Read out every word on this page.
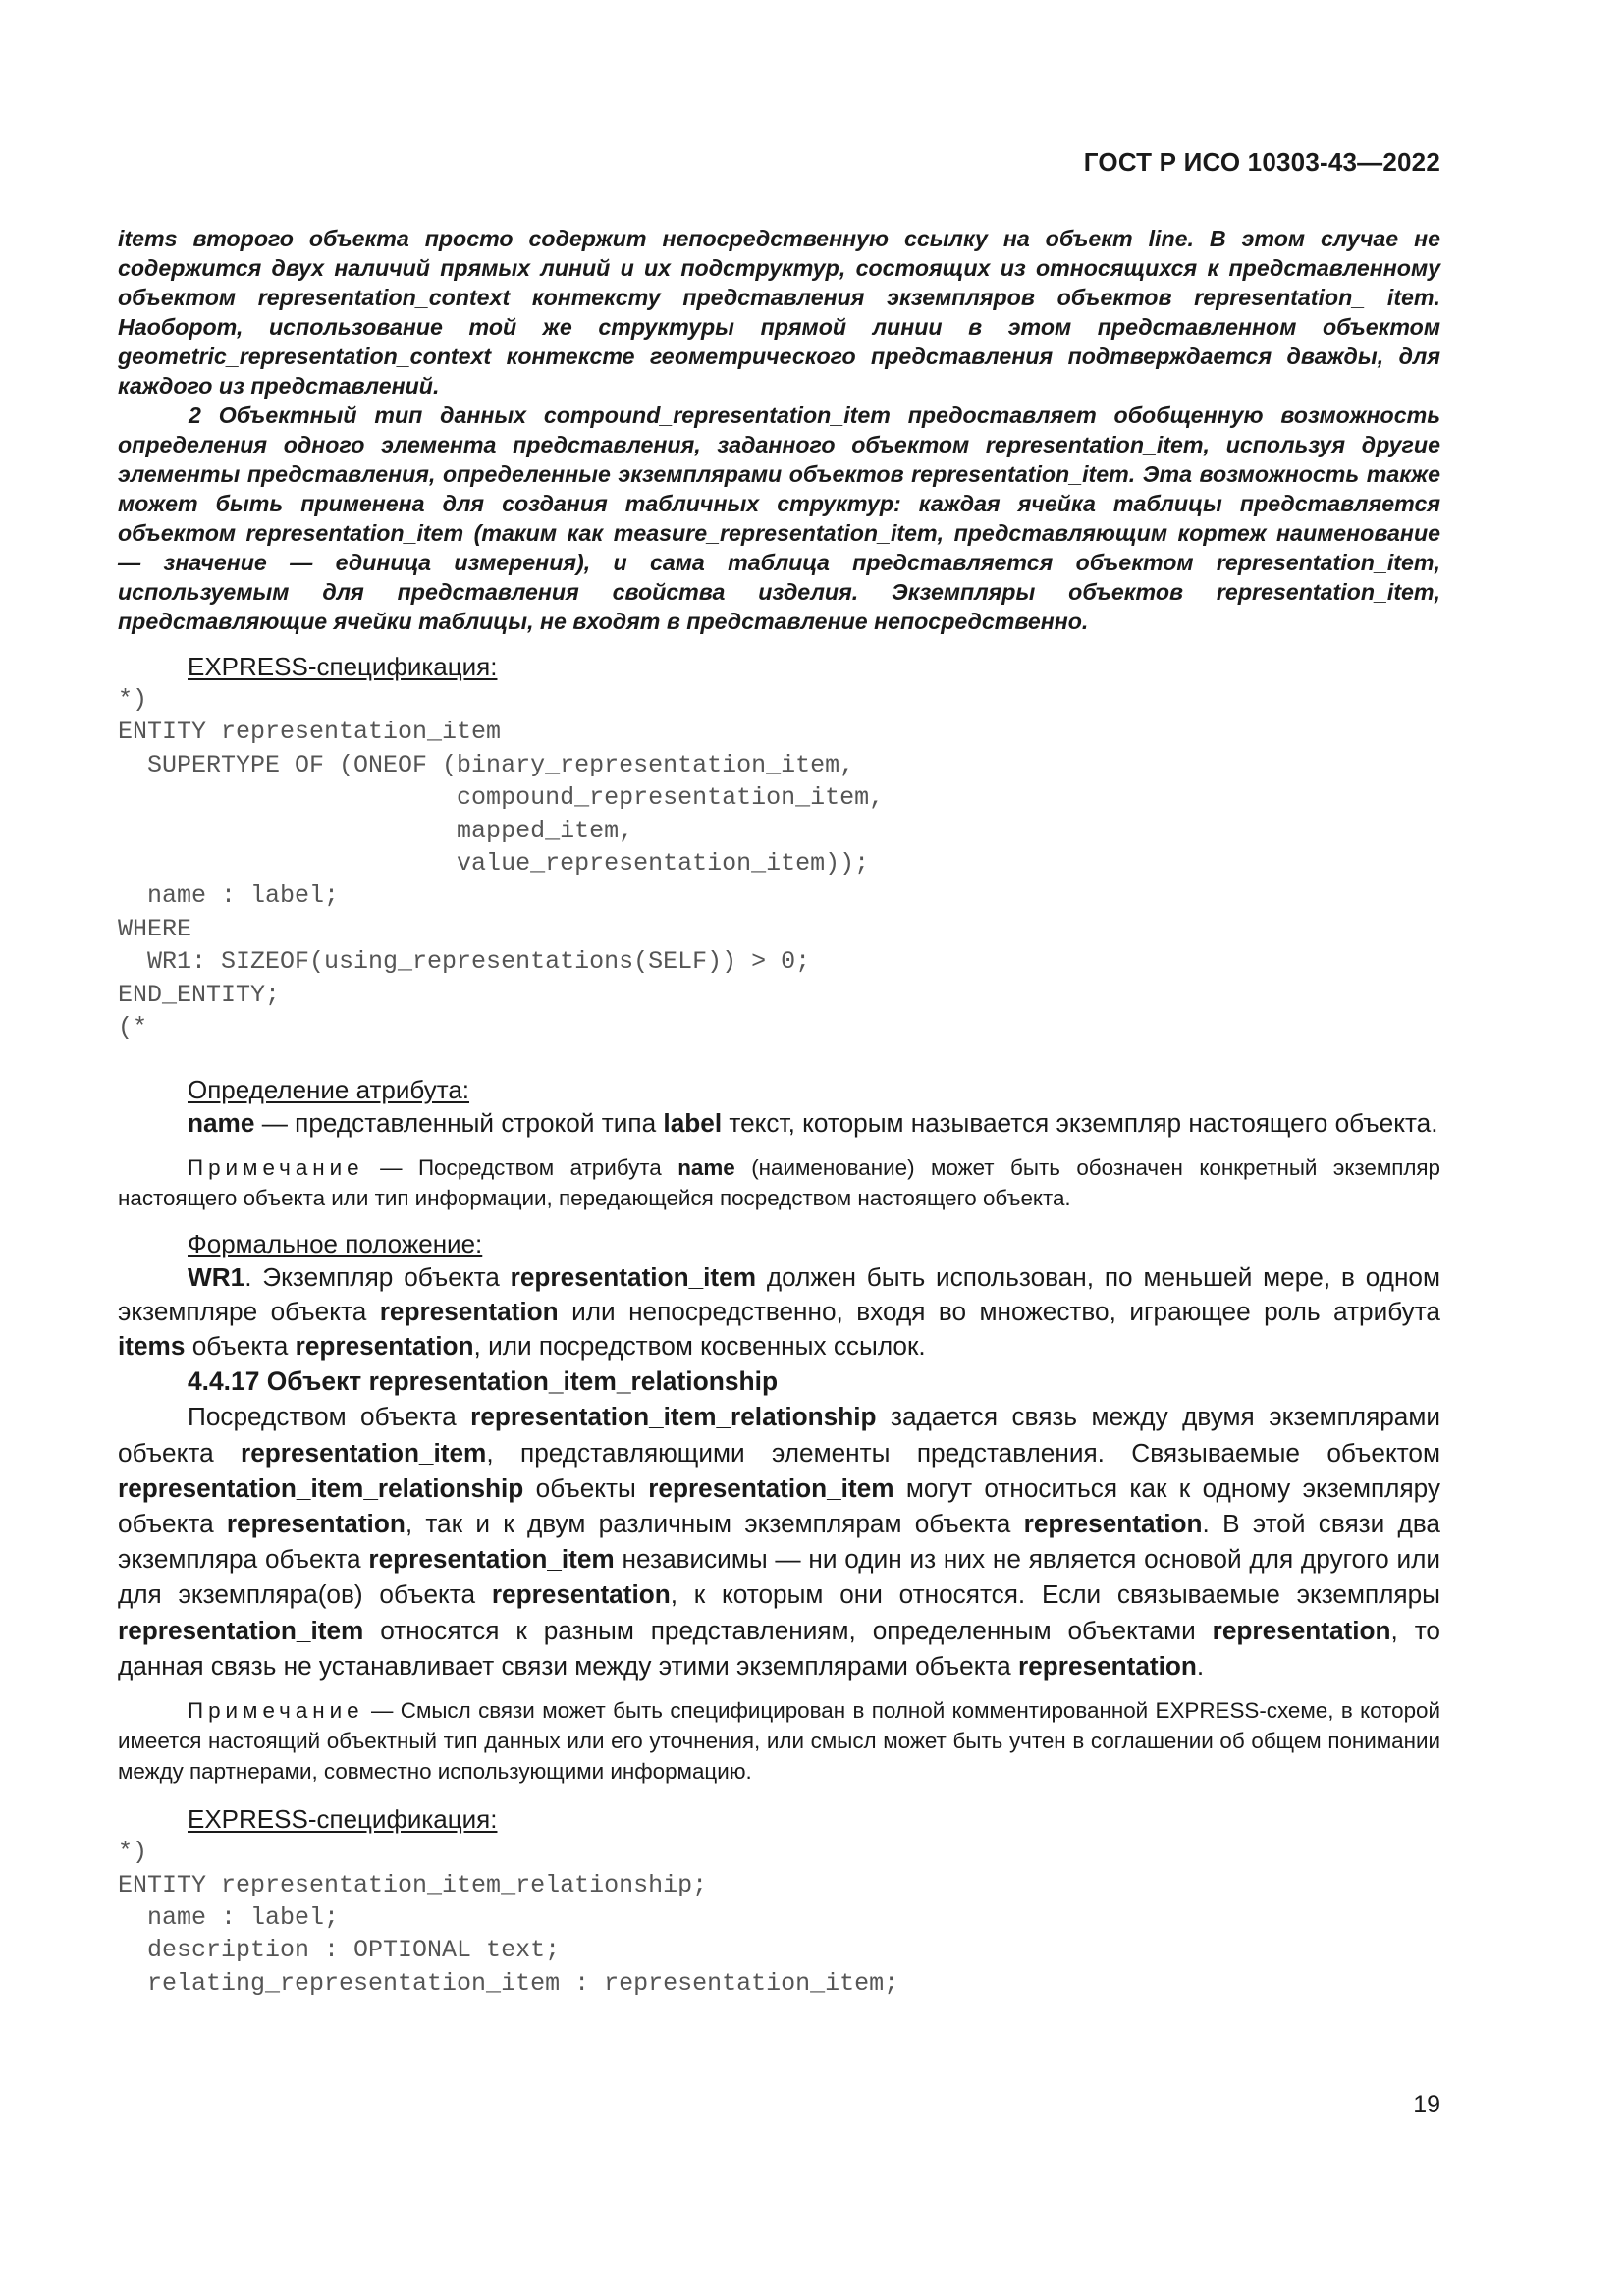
ГОСТ Р ИСО 10303-43—2022

items второго объекта просто содержит непосредственную ссылку на объект line. В этом случае не содержится двух наличий прямых линий и их подструктур, состоящих из относящихся к представленному объектом representation_context контексту представления экземпляров объектов representation_ item. Наоборот, использование той же структуры прямой линии в этом представленном объектом geometric_representation_context контексте геометрического представления подтверждается дважды, для каждого из представлений.

2 Объектный тип данных compound_representation_item предоставляет обобщенную возможность определения одного элемента представления, заданного объектом representation_item, используя другие элементы представления, определенные экземплярами объектов representation_item. Эта возможность также может быть применена для создания табличных структур: каждая ячейка таблицы представляется объектом representation_item (таким как measure_representation_item, представляющим кортеж наименование — значение — единица измерения), и сама таблица представляется объектом representation_item, используемым для представления свойства изделия. Экземпляры объектов representation_item, представляющие ячейки таблицы, не входят в представление непосредственно.

EXPRESS-спецификация:

*)
ENTITY representation_item
SUPERTYPE OF (ONEOF (binary_representation_item,
compound_representation_item,
mapped_item,
value_representation_item));
name : label;
WHERE
WR1: SIZEOF(using_representations(SELF)) > 0;
END_ENTITY;
(*

Определение атрибута:

name — представленный строкой типа label текст, которым называется экземпляр настоящего объекта.

Примечание — Посредством атрибута name (наименование) может быть обозначен конкретный экземпляр настоящего объекта или тип информации, передающейся посредством настоящего объекта.

Формальное положение:

WR1. Экземпляр объекта representation_item должен быть использован, по меньшей мере, в одном экземпляре объекта representation или непосредственно, входя во множество, играющее роль атрибута items объекта representation, или посредством косвенных ссылок.

4.4.17 Объект representation_item_relationship

Посредством объекта representation_item_relationship задается связь между двумя экземплярами объекта representation_item, представляющими элементы представления. Связываемые объектом representation_item_relationship объекты representation_item могут относиться как к одному экземпляру объекта representation, так и к двум различным экземплярам объекта representation. В этой связи два экземпляра объекта representation_item независимы — ни один из них не является основой для другого или для экземпляра(ов) объекта representation, к которым они относятся. Если связываемые экземпляры representation_item относятся к разным представлениям, определенным объектами representation, то данная связь не устанавливает связи между этими экземплярами объекта representation.

Примечание — Смысл связи может быть специфицирован в полной комментированной EXPRESS-схеме, в которой имеется настоящий объектный тип данных или его уточнения, или смысл может быть учтен в соглашении об общем понимании между партнерами, совместно использующими информацию.

EXPRESS-спецификация:

*)
ENTITY representation_item_relationship;
name : label;
description : OPTIONAL text;
relating_representation_item : representation_item;
19
